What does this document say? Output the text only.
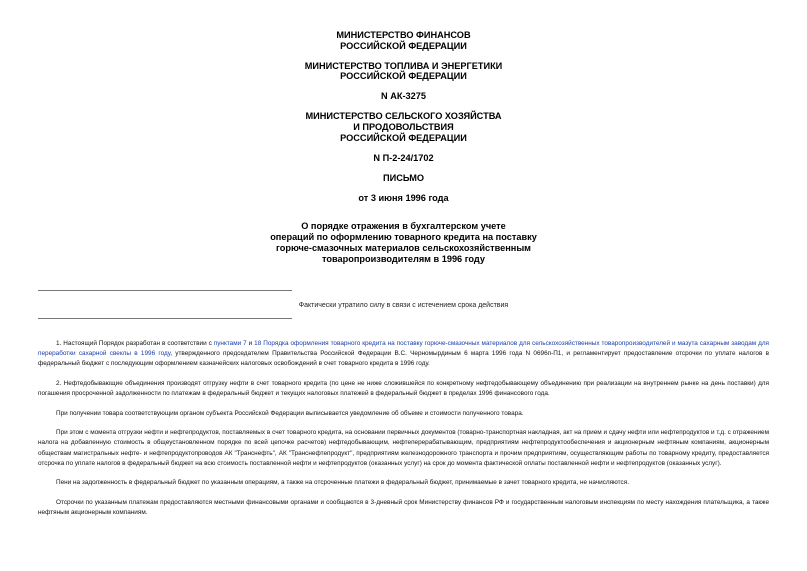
МИНИСТЕРСТВО ФИНАНСОВ
РОССИЙСКОЙ ФЕДЕРАЦИИ
МИНИСТЕРСТВО ТОПЛИВА И ЭНЕРГЕТИКИ
РОССИЙСКОЙ ФЕДЕРАЦИИ
N АК-3275
МИНИСТЕРСТВО СЕЛЬСКОГО ХОЗЯЙСТВА
И ПРОДОВОЛЬСТВИЯ
РОССИЙСКОЙ ФЕДЕРАЦИИ
N П-2-24/1702
ПИСЬМО
от 3 июня 1996 года
О порядке отражения в бухгалтерском учете
операций по оформлению товарного кредита на поставку
горюче-смазочных материалов сельскохозяйственным
товаропроизводителям в 1996 году
Фактически утратило силу в связи с истечением срока действия

1. Настоящий Порядок разработан в соответствии с пунктами 7 и 18 Порядка оформления товарного кредита на поставку горюче-смазочных материалов для сельскохозяйственных товаропроизводителей и мазута сахарным заводам для переработки сахарной свеклы в 1996 году, утвержденного председателем Правительства Российской Федерации В.С. Черномырдиным 6 марта 1996 года N 0696п-П1, и регламентирует предоставление отсрочки по уплате налогов в федеральный бюджет с последующим оформлением казначейских налоговых освобождений в счет товарного кредита в 1996 году.

2. Нефтедобывающие объединения производят отгрузку нефти в счет товарного кредита (по цене не ниже сложившейся по конкретному нефтедобывающему объединению при реализации на внутреннем рынке на день поставки) для погашения просроченной задолженности по платежам в федеральный бюджет и текущих налоговых платежей в федеральный бюджет в пределах 1996 финансового года.

При получении товара соответствующим органом субъекта Российской Федерации выписывается уведомление об объеме и стоимости полученного товара.

При этом с момента отгрузки нефти и нефтепродуктов, поставляемых в счет товарного кредита, на основании первичных документов (товарно-транспортная накладная, акт на прием и сдачу нефти или нефтепродуктов и т.д. с отражением налога на добавленную стоимость в общеустановленном порядке по всей цепочке расчетов) нефтедобывающим, нефтеперерабатывающим, предприятиям нефтепродуктообеспечения и акционерным нефтяным компаниям, акционерным обществам магистральных нефте- и нефтепродуктопроводов АК "Транснефть", АК "Транснефтепродукт", предприятиям железнодорожного транспорта и прочим предприятиям, осуществляющим работы по товарному кредиту, предоставляется отсрочка по уплате налогов в федеральный бюджет на всю стоимость поставленной нефти и нефтепродуктов (оказанных услуг) на срок до момента фактической оплаты поставленной нефти и нефтепродуктов (оказанных услуг).

Пени на задолженность в федеральный бюджет по указанным операциям, а также на отсроченные платежи в федеральный бюджет, принимаемые в зачет товарного кредита, не начисляются.

Отсрочки по указанным платежам предоставляются местными финансовыми органами и сообщаются в 3-дневный срок Министерству финансов РФ и государственным налоговым инспекциям по месту нахождения плательщика, а также нефтяным акционерным компаниям.
